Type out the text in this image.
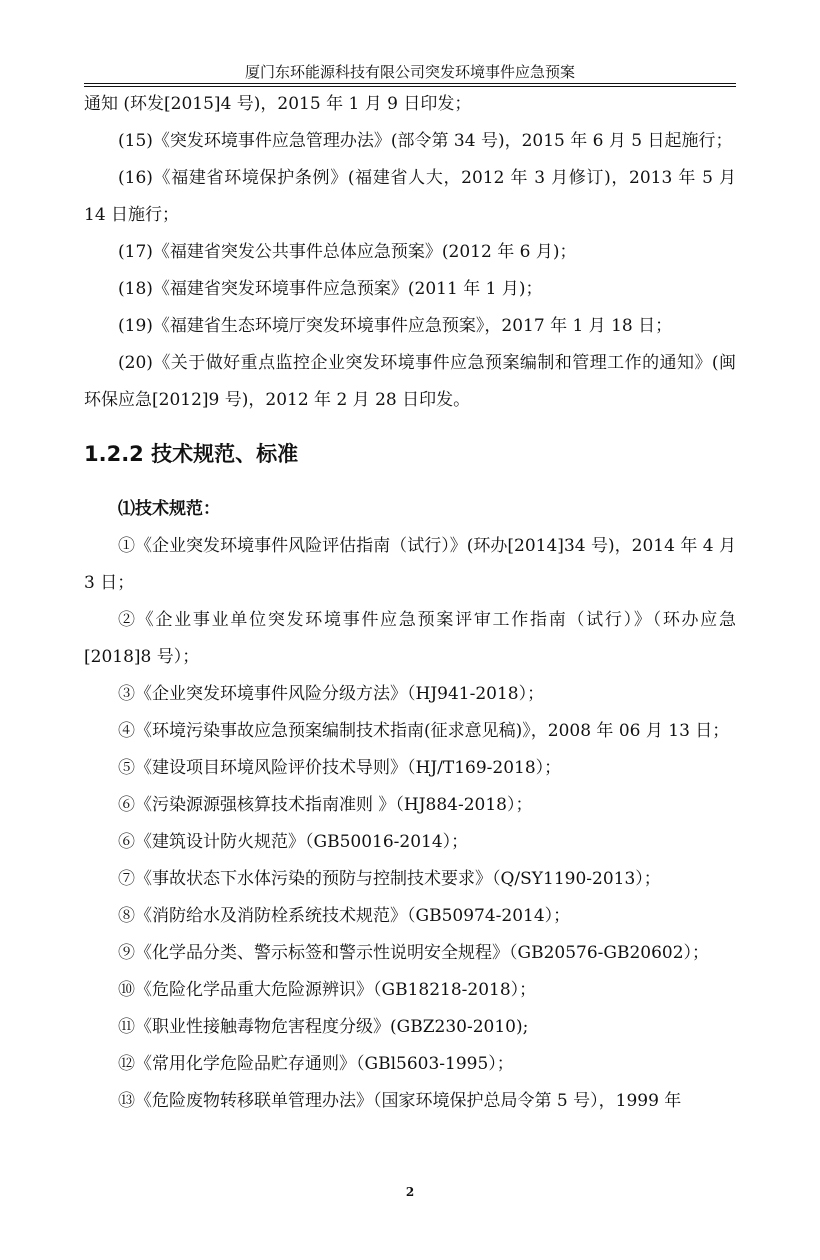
厦门东环能源科技有限公司突发环境事件应急预案

通知 (环发[2015]4 号)，2015 年 1 月 9 日印发；

(15)《突发环境事件应急管理办法》(部令第 34 号)，2015 年 6 月 5 日起施行；

(16)《福建省环境保护条例》(福建省人大，2012 年 3 月修订)，2013 年 5 月 14 日施行；

(17)《福建省突发公共事件总体应急预案》(2012 年 6 月)；

(18)《福建省突发环境事件应急预案》(2011 年 1 月)；

(19)《福建省生态环境厅突发环境事件应急预案》，2017 年 1 月 18 日；

(20)《关于做好重点监控企业突发环境事件应急预案编制和管理工作的通知》(闽环保应急[2012]9 号)，2012 年 2 月 28 日印发。

1.2.2 技术规范、标准

⑴技术规范：

①《企业突发环境事件风险评估指南（试行）》(环办[2014]34 号)，2014 年 4 月 3 日；

②《企业事业单位突发环境事件应急预案评审工作指南（试行）》（环办应急[2018]8 号）；

③《企业突发环境事件风险分级方法》（HJ941-2018）；

④《环境污染事故应急预案编制技术指南(征求意见稿)》，2008 年 06 月 13 日；

⑤《建设项目环境风险评价技术导则》（HJ/T169-2018）；

⑥《污染源源强核算技术指南准则 》（HJ884-2018）；

⑥《建筑设计防火规范》（GB50016-2014）；

⑦《事故状态下水体污染的预防与控制技术要求》（Q/SY1190-2013）；

⑧《消防给水及消防栓系统技术规范》（GB50974-2014）；

⑨《化学品分类、警示标签和警示性说明安全规程》（GB20576-GB20602）；

⑩《危险化学品重大危险源辨识》（GB18218-2018）；

⑪《职业性接触毒物危害程度分级》(GBZ230-2010);

⑫《常用化学危险品贮存通则》（GBl5603-1995）；

⑬《危险废物转移联单管理办法》（国家环境保护总局令第 5 号），1999 年

2
